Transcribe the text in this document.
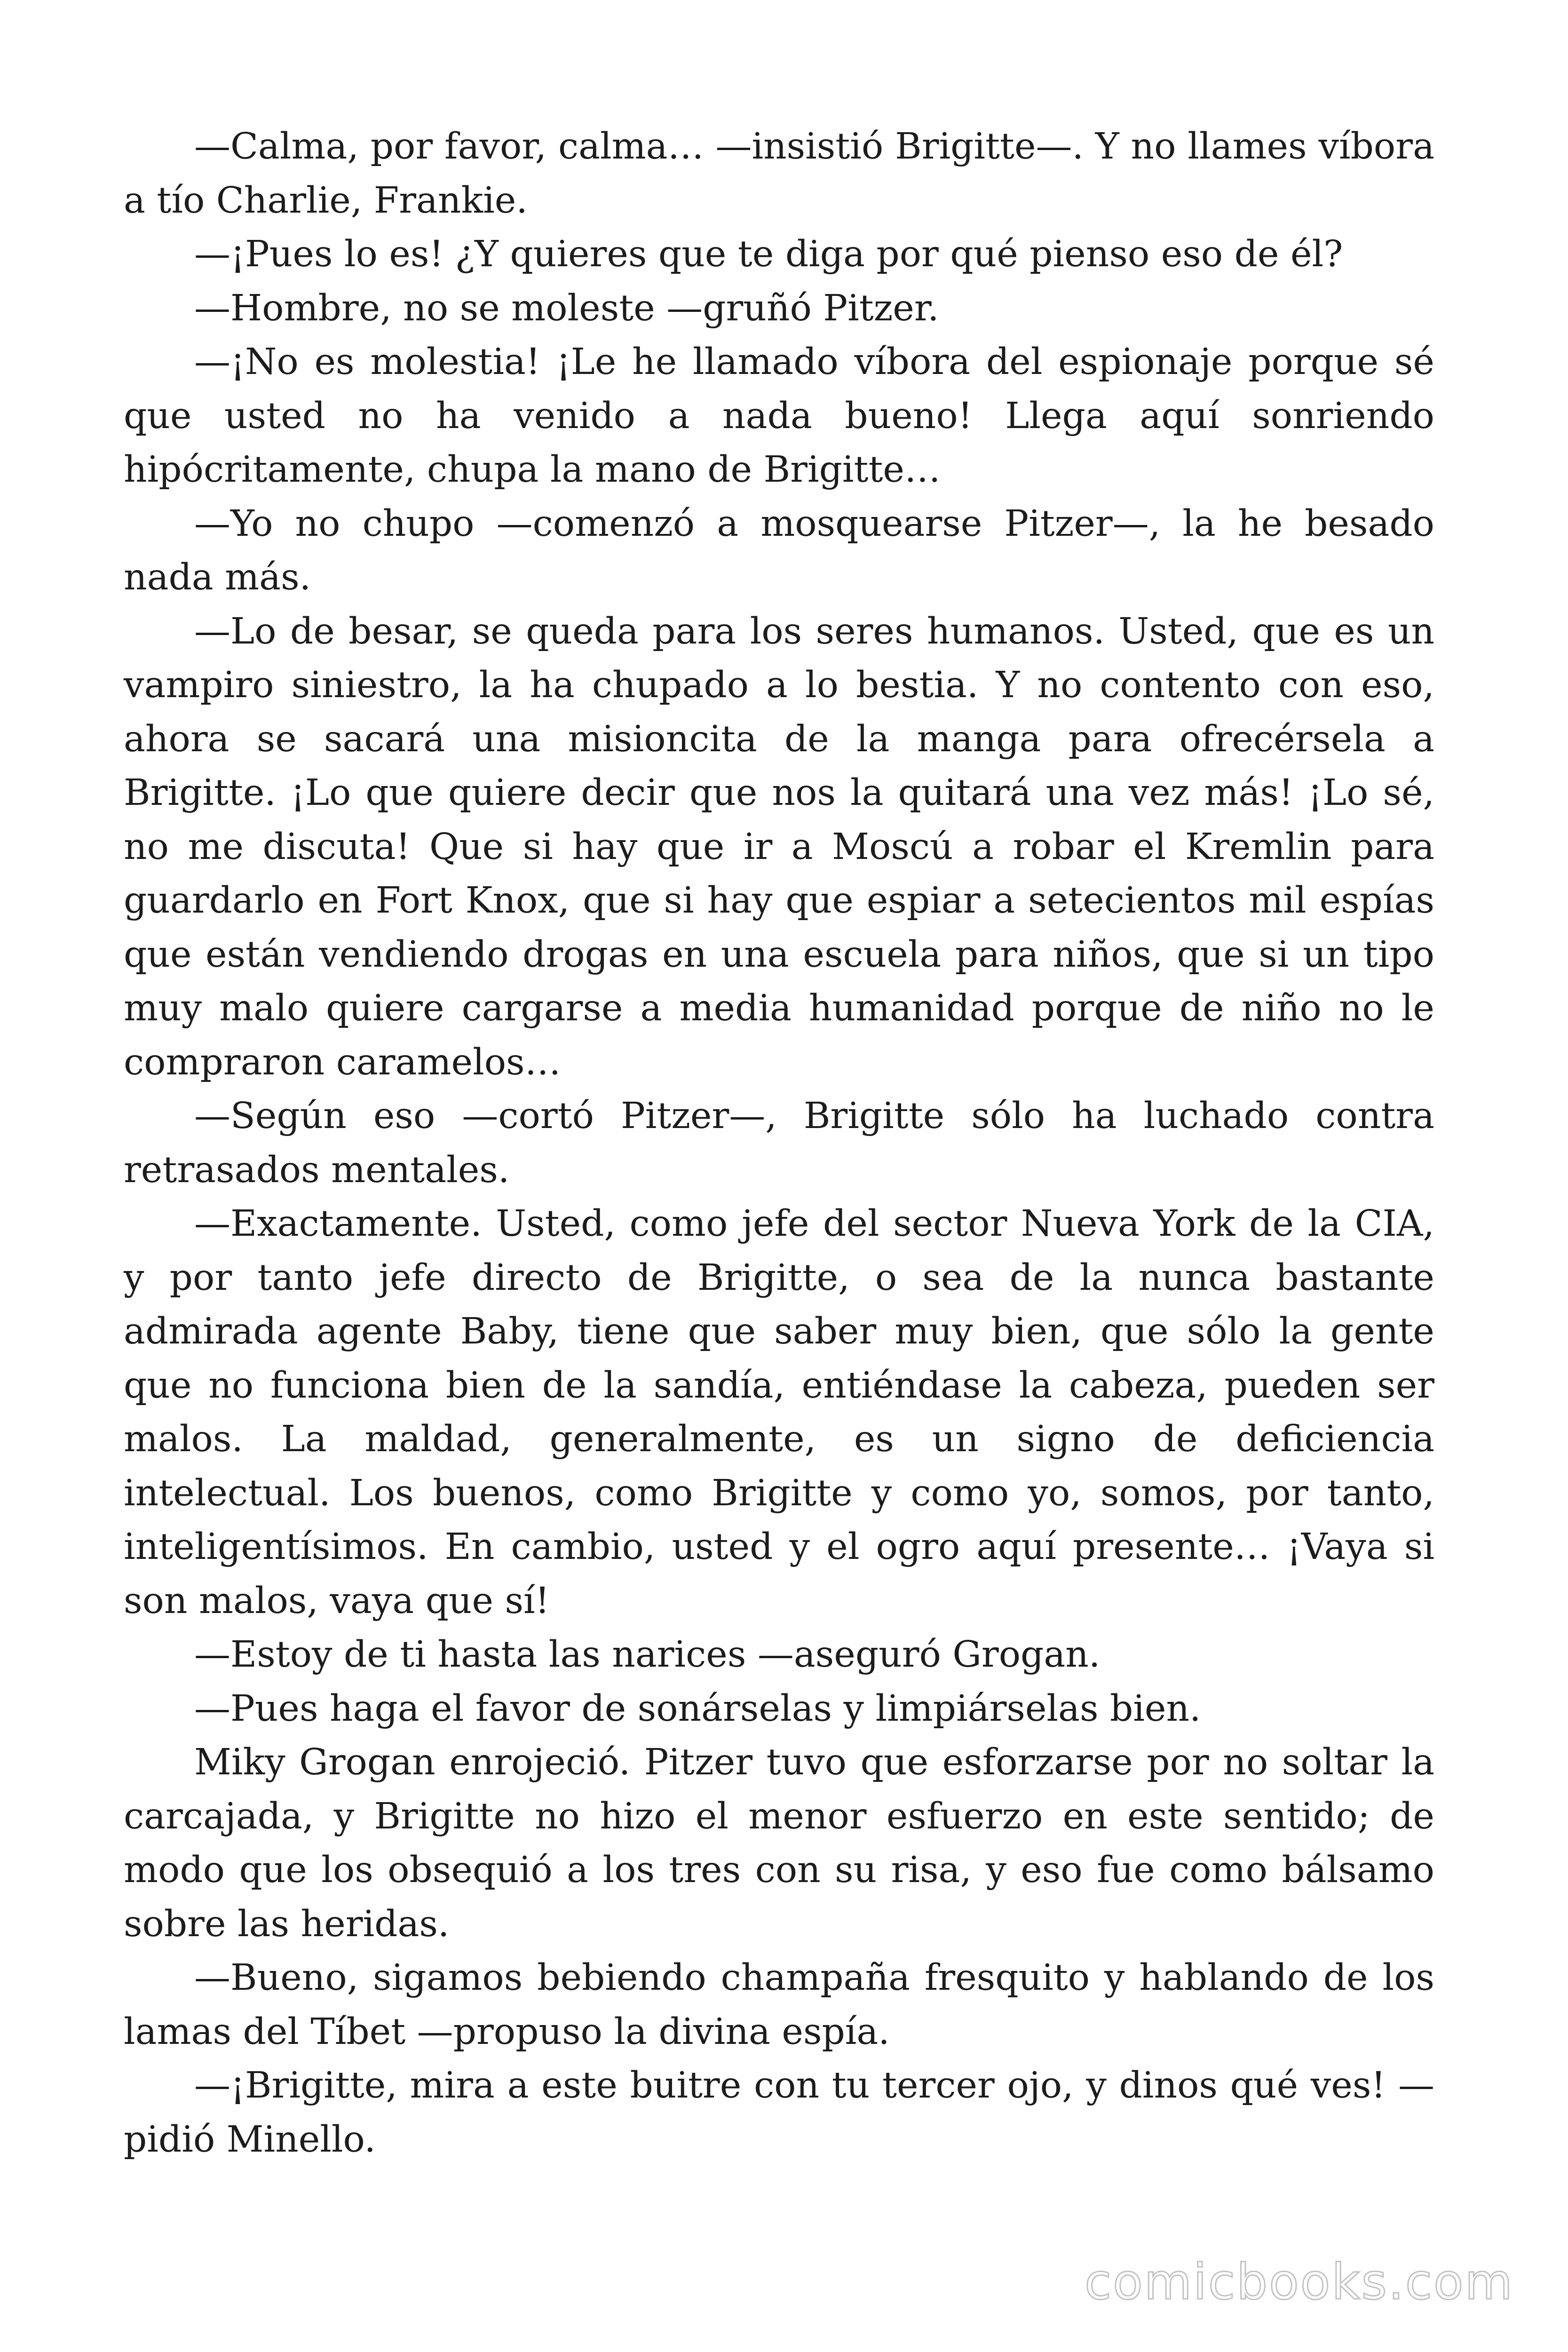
—Calma, por favor, calma… —insistió Brigitte—. Y no llames víbora a tío Charlie, Frankie.

—¡Pues lo es! ¿Y quieres que te diga por qué pienso eso de él?

—Hombre, no se moleste —gruñó Pitzer.

—¡No es molestia! ¡Le he llamado víbora del espionaje porque sé que usted no ha venido a nada bueno! Llega aquí sonriendo hipócritamente, chupa la mano de Brigitte…

—Yo no chupo —comenzó a mosquearse Pitzer—, la he besado nada más.

—Lo de besar, se queda para los seres humanos. Usted, que es un vampiro siniestro, la ha chupado a lo bestia. Y no contento con eso, ahora se sacará una misioncita de la manga para ofrecérsela a Brigitte. ¡Lo que quiere decir que nos la quitará una vez más! ¡Lo sé, no me discuta! Que si hay que ir a Moscú a robar el Kremlin para guardarlo en Fort Knox, que si hay que espiar a setecientos mil espías que están vendiendo drogas en una escuela para niños, que si un tipo muy malo quiere cargarse a media humanidad porque de niño no le compraron caramelos…

—Según eso —cortó Pitzer—, Brigitte sólo ha luchado contra retrasados mentales.

—Exactamente. Usted, como jefe del sector Nueva York de la CIA, y por tanto jefe directo de Brigitte, o sea de la nunca bastante admirada agente Baby, tiene que saber muy bien, que sólo la gente que no funciona bien de la sandía, entiéndase la cabeza, pueden ser malos. La maldad, generalmente, es un signo de deficiencia intelectual. Los buenos, como Brigitte y como yo, somos, por tanto, inteligentísimos. En cambio, usted y el ogro aquí presente… ¡Vaya si son malos, vaya que sí!

—Estoy de ti hasta las narices —aseguró Grogan.

—Pues haga el favor de sonárselas y limpiárselas bien.

Miky Grogan enrojeció. Pitzer tuvo que esforzarse por no soltar la carcajada, y Brigitte no hizo el menor esfuerzo en este sentido; de modo que los obsequió a los tres con su risa, y eso fue como bálsamo sobre las heridas.

—Bueno, sigamos bebiendo champaña fresquito y hablando de los lamas del Tíbet —propuso la divina espía.

—¡Brigitte, mira a este buitre con tu tercer ojo, y dinos qué ves! —pidió Minello.

comicbooks.com
